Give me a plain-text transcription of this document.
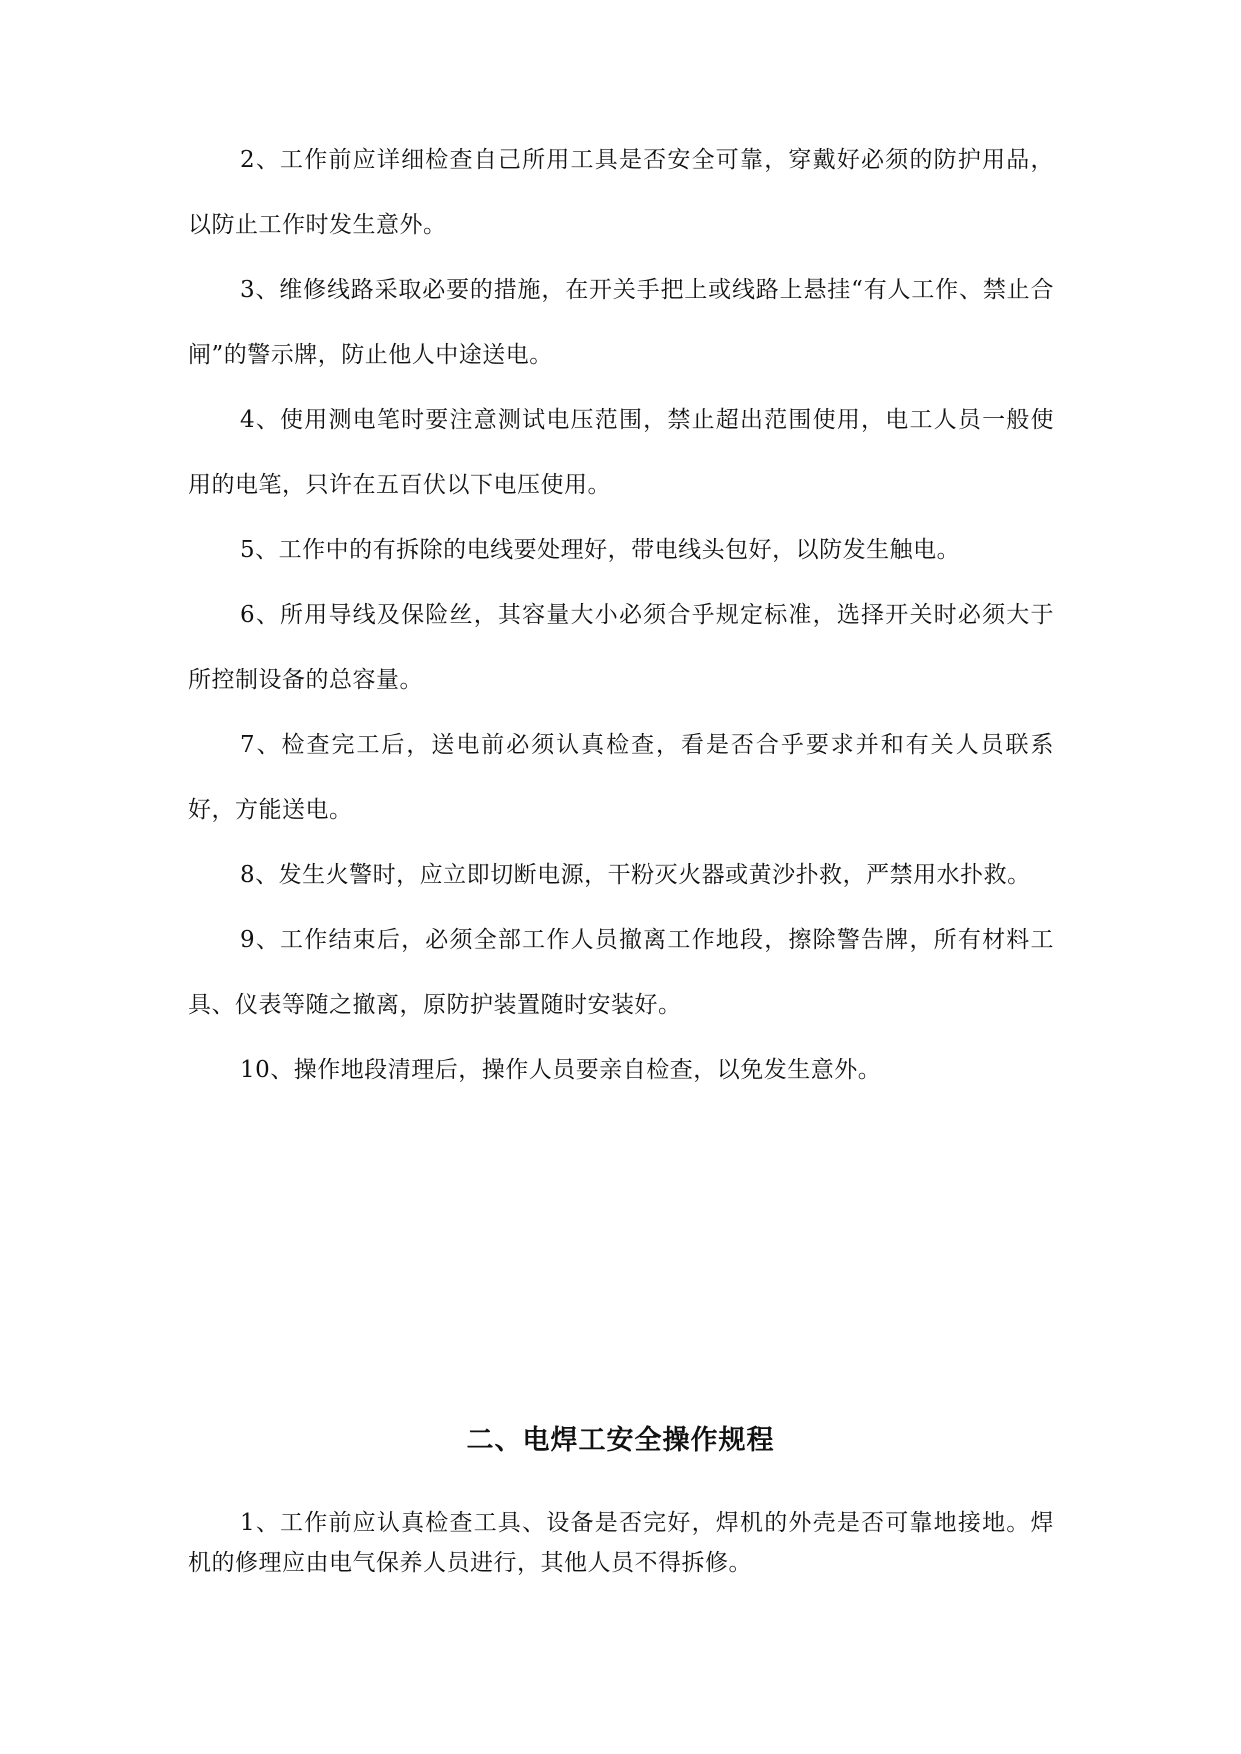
2、工作前应详细检查自己所用工具是否安全可靠，穿戴好必须的防护用品，以防止工作时发生意外。

3、维修线路采取必要的措施，在开关手把上或线路上悬挂“有人工作、禁止合闸”的警示牌，防止他人中途送电。

4、使用测电笔时要注意测试电压范围，禁止超出范围使用，电工人员一般使用的电笔，只许在五百伏以下电压使用。

5、工作中的有拆除的电线要处理好，带电线头包好，以防发生触电。

6、所用导线及保险丝，其容量大小必须合乎规定标准，选择开关时必须大于所控制设备的总容量。

7、检查完工后，送电前必须认真检查，看是否合乎要求并和有关人员联系好，方能送电。

8、发生火警时，应立即切断电源，干粉灭火器或黄沙扑救，严禁用水扑救。

9、工作结束后，必须全部工作人员撤离工作地段，擦除警告牌，所有材料工具、仪表等随之撤离，原防护装置随时安装好。

10、操作地段清理后，操作人员要亲自检查，以免发生意外。

二、电焊工安全操作规程

1、工作前应认真检查工具、设备是否完好，焊机的外壳是否可靠地接地。焊机的修理应由电气保养人员进行，其他人员不得拆修。
